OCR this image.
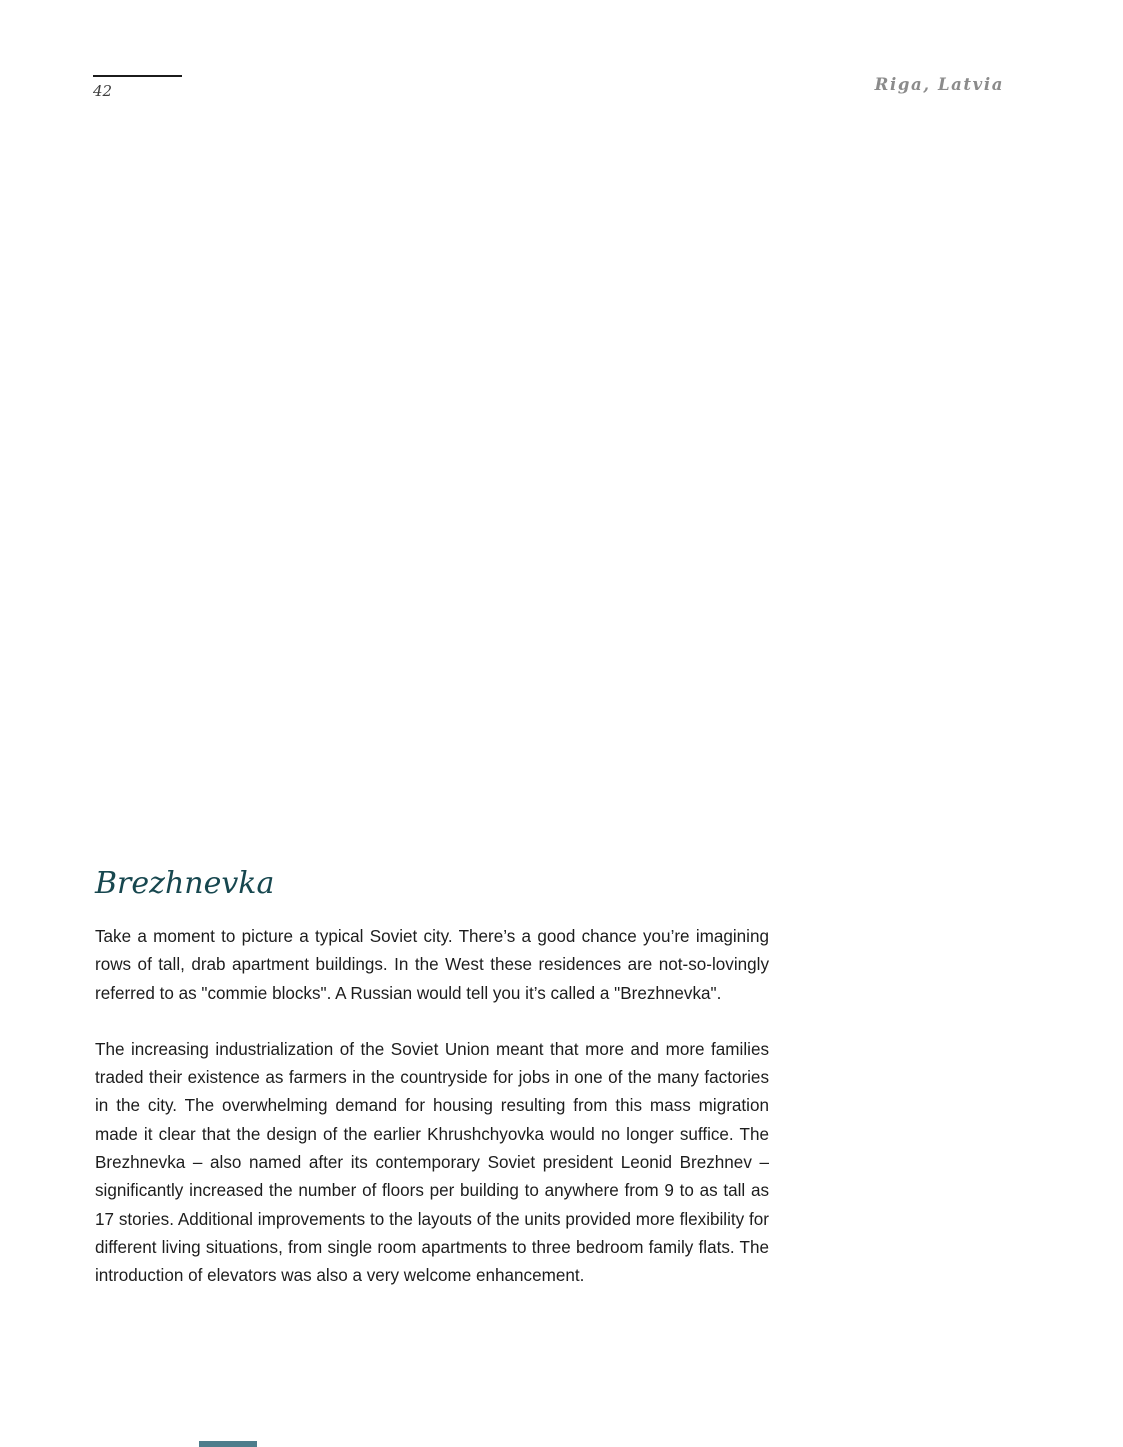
42	Riga, Latvia
Brezhnevka

Take a moment to picture a typical Soviet city. There’s a good chance you’re imagining rows of tall, drab apartment buildings. In the West these residences are not-so-lovingly referred to as "commie blocks". A Russian would tell you it’s called a "Brezhnevka".

The increasing industrialization of the Soviet Union meant that more and more families traded their existence as farmers in the countryside for jobs in one of the many factories in the city. The overwhelming demand for housing resulting from this mass migration made it clear that the design of the earlier Khrushchyovka would no longer suffice. The Brezhnevka – also named after its contemporary Soviet president Leonid Brezhnev – significantly increased the number of floors per building to anywhere from 9 to as tall as 17 stories. Additional improvements to the layouts of the units provided more flexibility for different living situations, from single room apartments to three bedroom family flats. The introduction of elevators was also a very welcome enhancement.
